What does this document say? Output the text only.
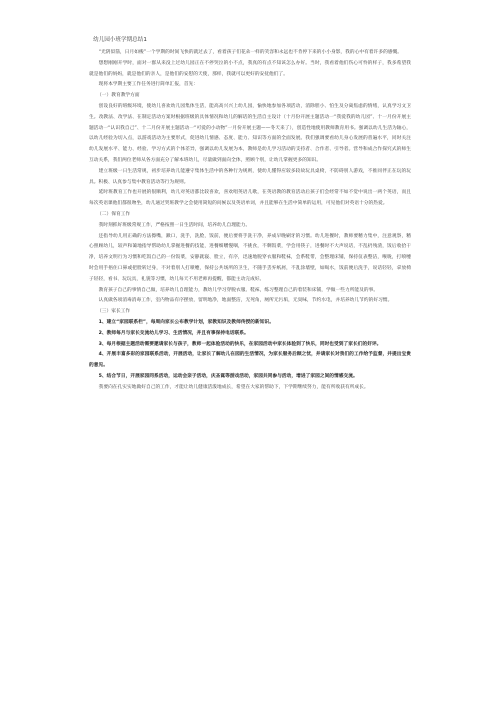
幼儿园小班学期总结1

“光阴似箭，日月如梭”一个学期的时间飞快的就过去了，看着孩子们花朵一样的笑容和永远也不肯停下来的小小身影，我的心中有着许多的感慨。

想想刚刚开学时，面对一群从来没上过幼儿园正在不停哭泣的小不点，我真的有点不知该怎么办好。当时，我看着他们伤心可怜的样子，我多希望我就是他们的妈妈，就是他们的亲人，是他们的安慰的天使，那样，我就可以更好的安抚他们了。

现将本学期主要工作任务进行简单汇报，首先：

（一）教育教学方面

创设良好的班级环境，使幼儿喜欢幼儿园集体生活，能高高兴兴上幼儿园，愉快地参加各项活动，消除胆小、怕生及分离焦虑的情绪，认真学习文卫生。改教法、改学法、在制定活动方案时根据班级的具体情况和幼儿的解话的生活自主设计（十月份开展主题活动一“我爱我的幼儿园”、十一月份开展主题活动一“认识我自己”、十二月份开展主题活动一“可爱的小动物”一月份开展主题——冬天来了），创造性地使用教师教育用书。强调以幼儿生活为轴心，以幼儿经验为切入点，以游戏活动为主要形式，促进幼儿情感、态度、能力、知识等方面的全面发展。我们强调要看幼儿身心发展的普遍水平，同时关注幼儿发展水平、能力、经验、学习方式的个体差异，强调以幼儿发展为本，教师是幼儿学习活动的支持者、合作者、引导者。营导和成合作探究式的师生互动关系，我们两位老师从各方面充分了解本班幼儿，尽量做到面向全体，照顾个别，让幼儿掌握更多的知识。

建立班级一日生活常规，初步培养幼儿能遵守集体生活中的各种行为规则，使幼儿懂得应较多较故玩具桌椅，不防碍别人游戏，不推同伴正在玩的玩具。积极、认真参与集中教育活动等行为规则。

延时班教育工作也开展的很顺利，幼儿对英语都比较喜欢，喜欢唱英语儿歌，在英语教的教育活动后孩子们会经常不如不觉中说出一两个英语，而且每次英语课他们都很吻坐，幼儿通过哭班教学之会使用简短的问候以及英语单词，并且能够在生活中简单的运用，可见他们对英语十分的热爱。

（二）保育工作

我时刻抓好班级常规工作，严格按照一日生活时间，培养幼儿自理能力。

还指导幼儿用正确的方法擦嘴，漱口，洗手，洗脸，饭前，便后要将手洗干净，养成早晚刷牙的习惯。幼儿进餐时，教师要精力集中，注意观察，精心照顾幼儿，较声和蔼地指导帮助幼儿掌握进餐的技能，进餐细嚼慢咽，不挑食，不剩饭菜，学会用筷子，进餐时不大声说话，不乱扔残渣，饭后收拾干净，培养文明行为习惯和吃饭自己的一份饭菜，安静就寝、脸立，有序，迅速地脱穿衣服和鞋袜，会系鞋带，会整理床铺，保持仪表整洁，喉咙，打喷嚏时会用手捂住口鼻或把脸转过身，不对着别人打喷嚏，保持公共场所的卫生，不随手丢弃纸屑，不乱涂墙壁，如喝水，饭前便后洗手，说话轻轻，拿放椅子轻轻，看书、玩玩具，礼貌等习惯，幼儿每天不用老师再提醒，都能主动完成好。

教育孩子自己的事情自己做，培养幼儿自理能力，教幼儿学习穿脱衣服、鞋袜，练习整理自己的着装和床铺，学做一些力所能及的事。

认真做各项消毒消毒工作，室内物品有序摆放，留明地净，地面整洁，无死角，厕所无污垢，无臭味，节约水电，并培养幼儿节约的好习惯。

（三）家长工作

1、建立“家园联系栏”，每周向家长公布教学计划，家教知识及教师传授的新知识。

2、教师每月与家长交流幼儿学习、生活情况，并且有事保持电话联系。

3、每月根据主题活动需要邀请家长与孩子，教师一起体验活动的快乐，在家园活动中家长体验到了快乐，同时也受到了家长们的好评。

4、开展丰富多彩的家园联系活动，开展活动，让家长了解幼儿在园的生活情况，为家长服务后顾之忧，并请家长对我们的工作给予监督，并提出宝贵的意见。

5、结合节日，开展家园同系活动，运动会亲子活动，庆圣诞等游戏活动，家园共同参与活动，增进了家园之间的情感交流。

我要向在孔实实地做好自己的工作，才能让幼儿健康活泼地成长，希望在大家的帮助下，下学期继续努力，能有所收获有所成长。
